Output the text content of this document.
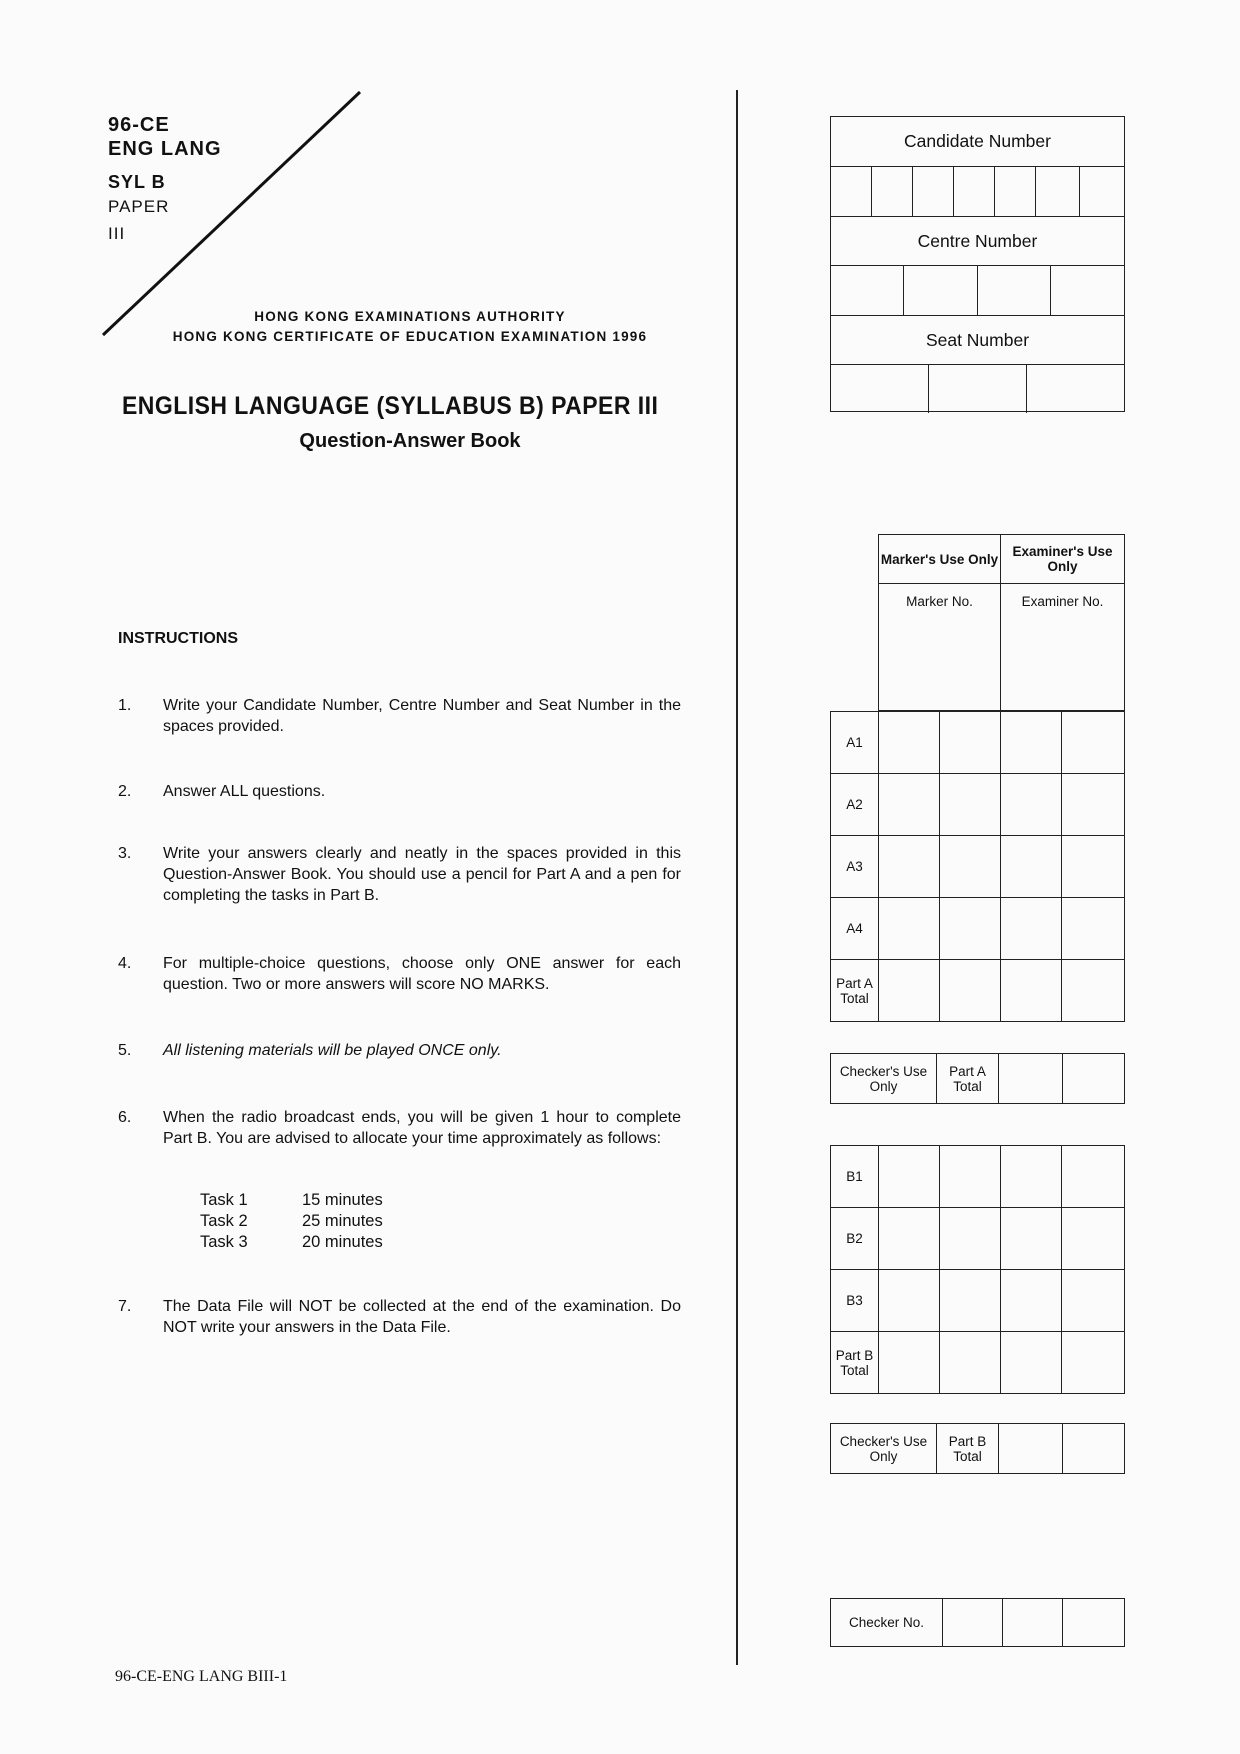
96-CE
ENG LANG
SYL B
PAPER
III
HONG KONG EXAMINATIONS AUTHORITY
HONG KONG CERTIFICATE OF EDUCATION EXAMINATION 1996
ENGLISH LANGUAGE (SYLLABUS B) PAPER III
Question-Answer Book
INSTRUCTIONS
1. Write your Candidate Number, Centre Number and Seat Number in the spaces provided.
2. Answer ALL questions.
3. Write your answers clearly and neatly in the spaces provided in this Question-Answer Book. You should use a pencil for Part A and a pen for completing the tasks in Part B.
4. For multiple-choice questions, choose only ONE answer for each question. Two or more answers will score NO MARKS.
5. All listening materials will be played ONCE only.
6. When the radio broadcast ends, you will be given 1 hour to complete Part B. You are advised to allocate your time approximately as follows:
Task 1	15 minutes
Task 2	25 minutes
Task 3	20 minutes
7. The Data File will NOT be collected at the end of the examination. Do NOT write your answers in the Data File.
96-CE-ENG LANG BIII-1
Candidate Number
Centre Number
Seat Number
Marker's Use Only	Examiner's Use Only
Marker No.	Examiner No.
A1				
A2				
A3				
A4				
Part A Total				
Checker's Use Only	Part A Total		
B1				
B2				
B3				
Part B Total				
Checker's Use Only	Part B Total		
Checker No.			
